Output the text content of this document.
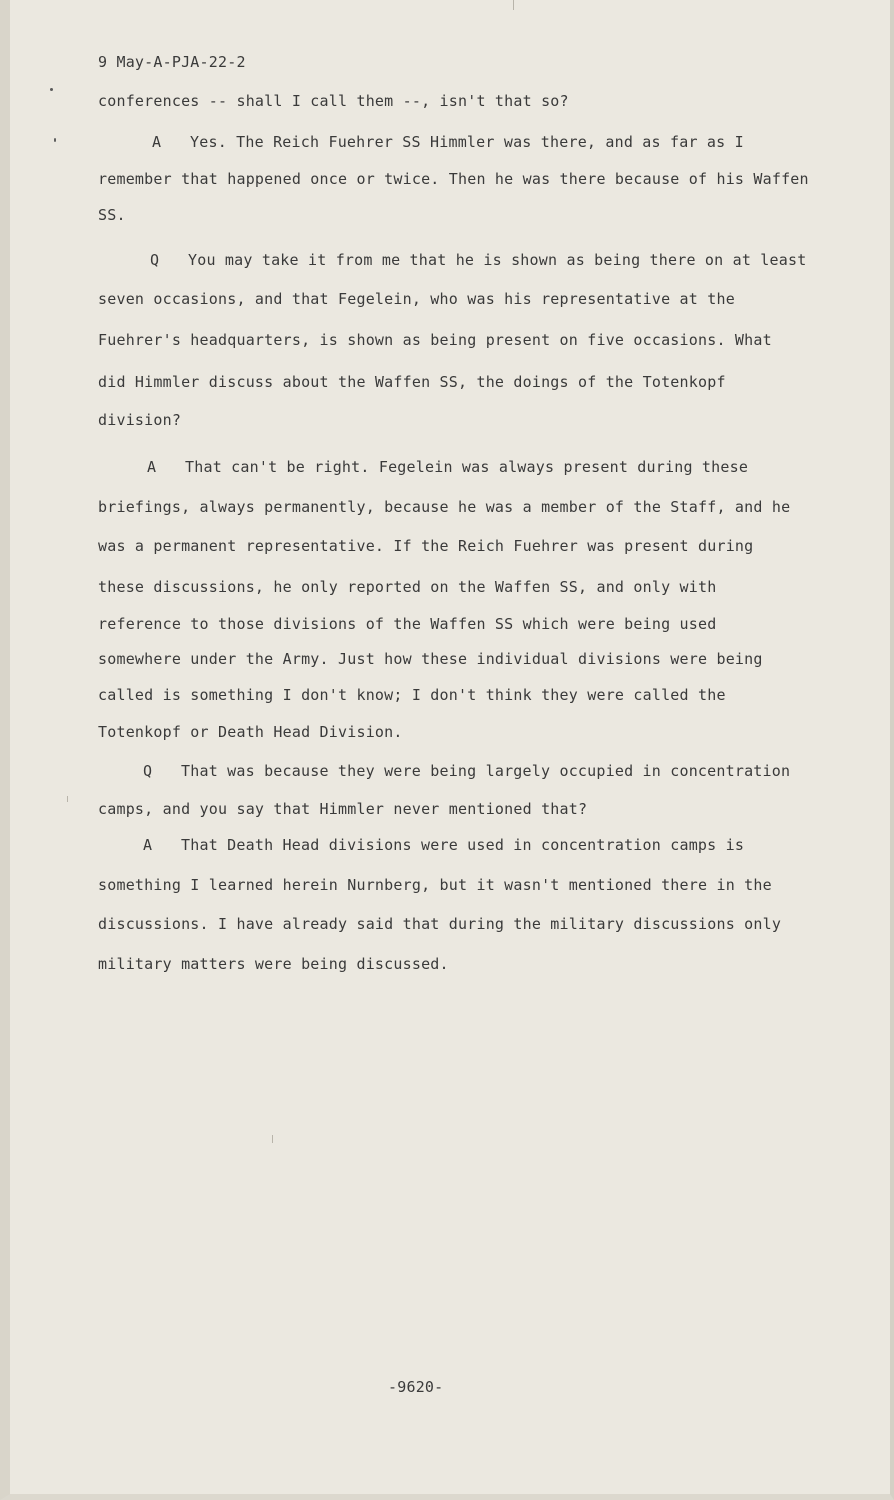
9 May-A-PJA-22-2
conferences -- shall I call them --, isn't that so?
A Yes. The Reich Fuehrer SS Himmler was there, and as far as I
remember that happened once or twice. Then he was there because of his Waffen
SS.
Q You may take it from me that he is shown as being there on at least
seven occasions, and that Fegelein, who was his representative at the
Fuehrer's headquarters, is shown as being present on five occasions. What
did Himmler discuss about the Waffen SS, the doings of the Totenkopf
division?
A That can't be right. Fegelein was always present during these
briefings, always permanently, because he was a member of the Staff, and he
was a permanent representative. If the Reich Fuehrer was present during
these discussions, he only reported on the Waffen SS, and only with
reference to those divisions of the Waffen SS which were being used
somewhere under the Army. Just how these individual divisions were being
called is something I don't know; I don't think they were called the
Totenkopf or Death Head Division.
Q That was because they were being largely occupied in concentration
camps, and you say that Himmler never mentioned that?
A That Death Head divisions were used in concentration camps is
something I learned herein Nurnberg, but it wasn't mentioned there in the
discussions. I have already said that during the military discussions only
military matters were being discussed.
-9620-
